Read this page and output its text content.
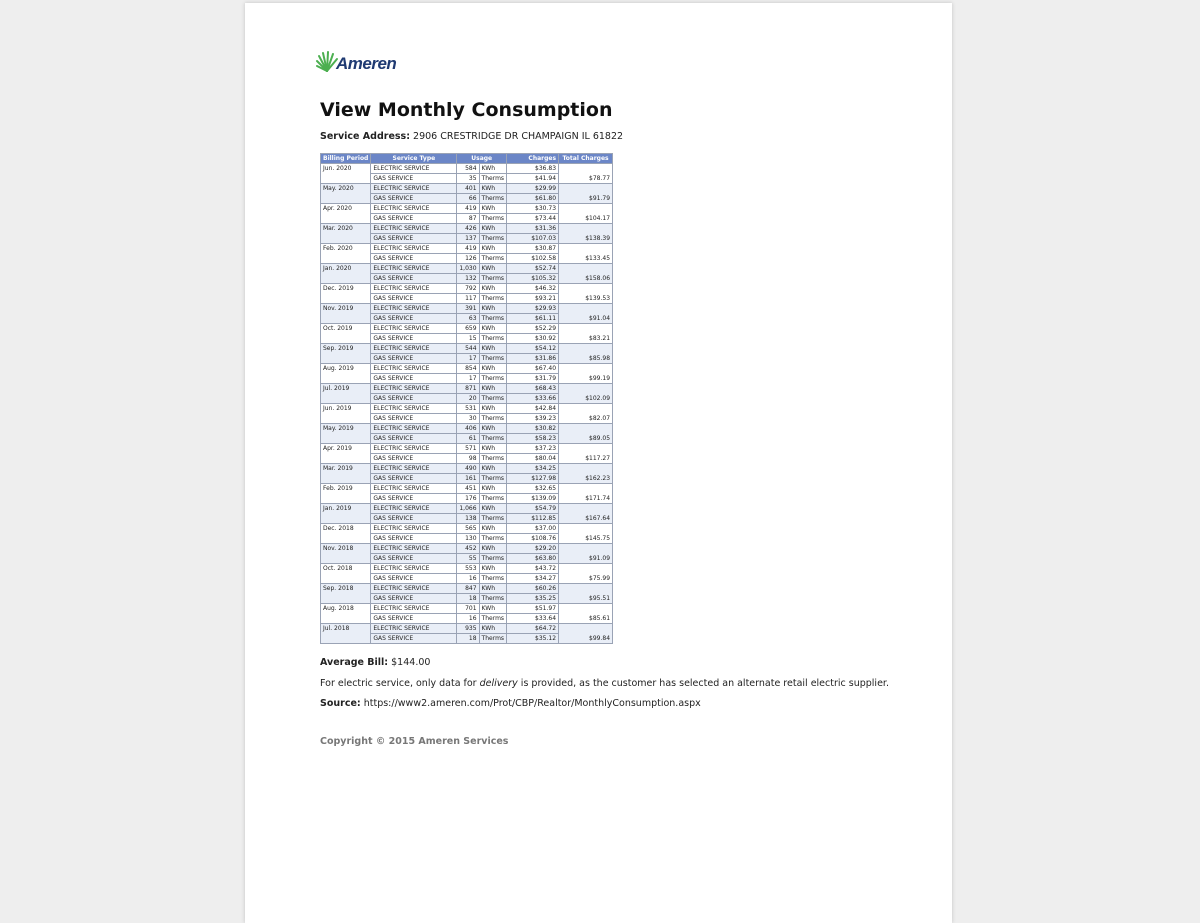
Ameren
View Monthly Consumption
Service Address: 2906 CRESTRIDGE DR CHAMPAIGN IL 61822
Billing Period	Service Type	Usage		Charges	Total Charges
Jun. 2020	ELECTRIC SERVICE	584	KWh	$36.83	$78.77
	GAS SERVICE	35	Therms	$41.94	
May. 2020	ELECTRIC SERVICE	401	KWh	$29.99	$91.79
	GAS SERVICE	66	Therms	$61.80	
Apr. 2020	ELECTRIC SERVICE	419	KWh	$30.73	$104.17
	GAS SERVICE	87	Therms	$73.44	
Mar. 2020	ELECTRIC SERVICE	426	KWh	$31.36	$138.39
	GAS SERVICE	137	Therms	$107.03	
Feb. 2020	ELECTRIC SERVICE	419	KWh	$30.87	$133.45
	GAS SERVICE	126	Therms	$102.58	
Jan. 2020	ELECTRIC SERVICE	1,030	KWh	$52.74	$158.06
	GAS SERVICE	132	Therms	$105.32	
Dec. 2019	ELECTRIC SERVICE	792	KWh	$46.32	$139.53
	GAS SERVICE	117	Therms	$93.21	
Nov. 2019	ELECTRIC SERVICE	391	KWh	$29.93	$91.04
	GAS SERVICE	63	Therms	$61.11	
Oct. 2019	ELECTRIC SERVICE	659	KWh	$52.29	$83.21
	GAS SERVICE	15	Therms	$30.92	
Sep. 2019	ELECTRIC SERVICE	544	KWh	$54.12	$85.98
	GAS SERVICE	17	Therms	$31.86	
Aug. 2019	ELECTRIC SERVICE	854	KWh	$67.40	$99.19
	GAS SERVICE	17	Therms	$31.79	
Jul. 2019	ELECTRIC SERVICE	871	KWh	$68.43	$102.09
	GAS SERVICE	20	Therms	$33.66	
Jun. 2019	ELECTRIC SERVICE	531	KWh	$42.84	$82.07
	GAS SERVICE	30	Therms	$39.23	
May. 2019	ELECTRIC SERVICE	406	KWh	$30.82	$89.05
	GAS SERVICE	61	Therms	$58.23	
Apr. 2019	ELECTRIC SERVICE	571	KWh	$37.23	$117.27
	GAS SERVICE	98	Therms	$80.04	
Mar. 2019	ELECTRIC SERVICE	490	KWh	$34.25	$162.23
	GAS SERVICE	161	Therms	$127.98	
Feb. 2019	ELECTRIC SERVICE	451	KWh	$32.65	$171.74
	GAS SERVICE	176	Therms	$139.09	
Jan. 2019	ELECTRIC SERVICE	1,066	KWh	$54.79	$167.64
	GAS SERVICE	138	Therms	$112.85	
Dec. 2018	ELECTRIC SERVICE	565	KWh	$37.00	$145.75
	GAS SERVICE	130	Therms	$108.76	
Nov. 2018	ELECTRIC SERVICE	452	KWh	$29.20	$91.09
	GAS SERVICE	55	Therms	$63.80	
Oct. 2018	ELECTRIC SERVICE	553	KWh	$43.72	$75.99
	GAS SERVICE	16	Therms	$34.27	
Sep. 2018	ELECTRIC SERVICE	847	KWh	$60.26	$95.51
	GAS SERVICE	18	Therms	$35.25	
Aug. 2018	ELECTRIC SERVICE	701	KWh	$51.97	$85.61
	GAS SERVICE	16	Therms	$33.64	
Jul. 2018	ELECTRIC SERVICE	935	KWh	$64.72	$99.84
	GAS SERVICE	18	Therms	$35.12	
Average Bill: $144.00
For electric service, only data for delivery is provided, as the customer has selected an alternate retail electric supplier.
Source: https://www2.ameren.com/Prot/CBP/Realtor/MonthlyConsumption.aspx
Copyright © 2015 Ameren Services
